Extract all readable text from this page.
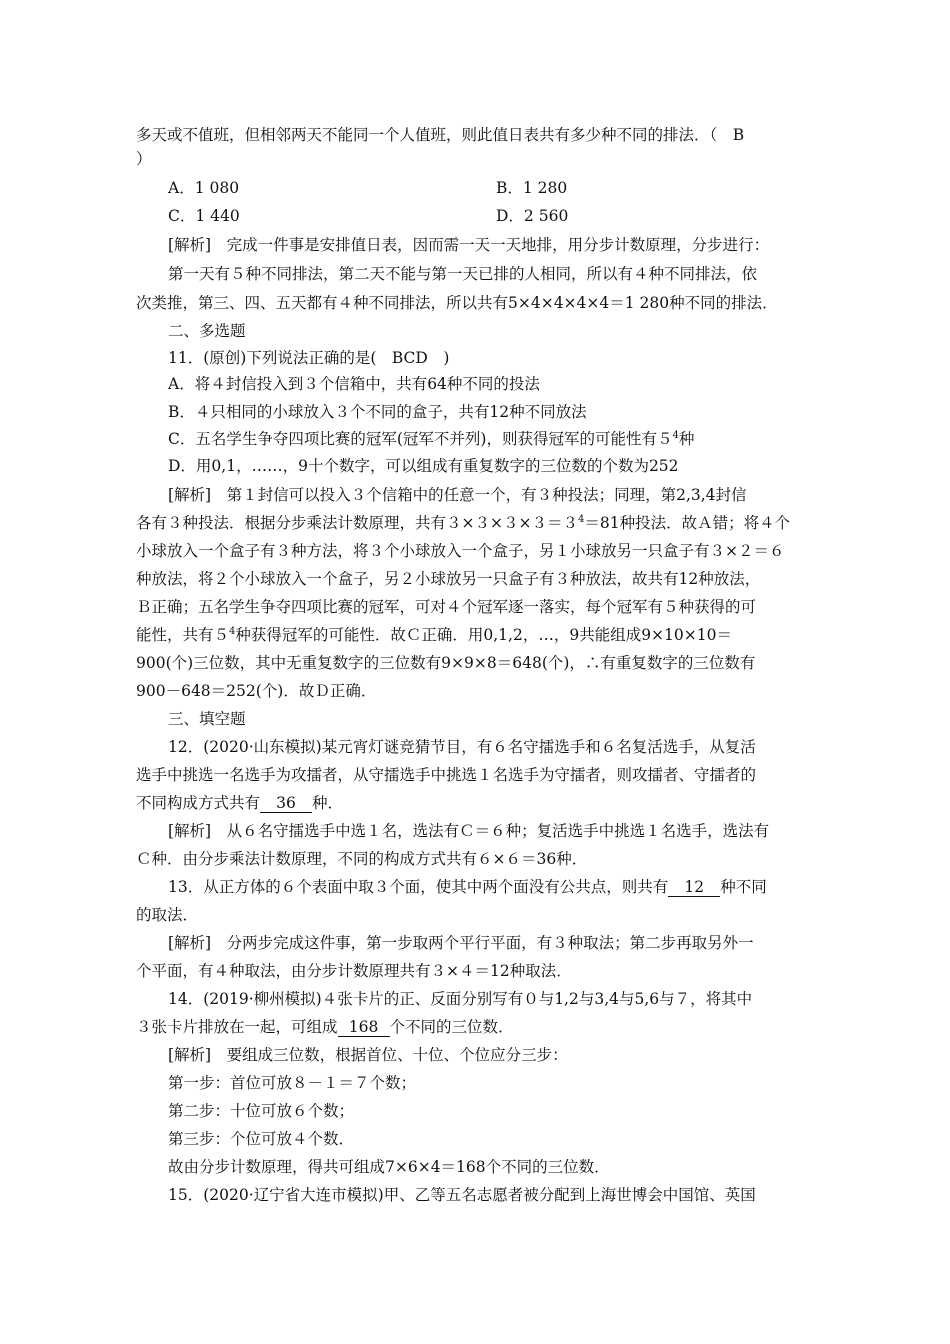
多天或不值班，但相邻两天不能同一个人值班，则此值日表共有多少种不同的排法．（　B
）
A．1 080	B．1 280
C．1 440	D．2 560
[解析]　完成一件事是安排值日表，因而需一天一天地排，用分步计数原理，分步进行：
第一天有５种不同排法，第二天不能与第一天已排的人相同，所以有４种不同排法，依
次类推，第三、四、五天都有４种不同排法，所以共有5×4×4×4×4＝1 280种不同的排法．
二、多选题
11．(原创)下列说法正确的是(　BCD　)
A．将４封信投入到３个信箱中，共有64种不同的投法
B．４只相同的小球放入３个不同的盒子，共有12种不同放法
C．五名学生争夺四项比赛的冠军(冠军不并列)，则获得冠军的可能性有$5^4$种
D．用0,1，……，9十个数字，可以组成有重复数字的三位数的个数为252
[解析]　第１封信可以投入３个信箱中的任意一个，有３种投法；同理，第2,3,4封信
各有３种投法．根据分步乘法计数原理，共有$3\times 3\times 3\times 3=3^4=81$种投法．故Ａ错；将４个
小球放入一个盒子有３种方法，将３个小球放入一个盒子，另１小球放另一只盒子有３×２＝６
种放法，将２个小球放入一个盒子，另２小球放另一只盒子有３种放法，故共有12种放法，
Ｂ正确；五名学生争夺四项比赛的冠军，可对４个冠军逐一落实，每个冠军有５种获得的可
能性，共有$5^4$种获得冠军的可能性．故Ｃ正确．用0,1,2，…，9共能组成9×10×10＝
900(个)三位数，其中无重复数字的三位数有9×9×8＝648(个)，∴有重复数字的三位数有
900－648＝252(个)．故Ｄ正确．
三、填空题
12．(2020·山东模拟)某元宵灯谜竞猜节目，有６名守擂选手和６名复活选手，从复活
选手中挑选一名选手为攻擂者，从守擂选手中挑选１名选手为守擂者，则攻擂者、守擂者的
不同构成方式共有 36 种．
[解析]　从６名守擂选手中选１名，选法有Ｃ＝６种；复活选手中挑选１名选手，选法有
Ｃ种．由分步乘法计数原理，不同的构成方式共有６×６＝36种．
13．从正方体的６个表面中取３个面，使其中两个面没有公共点，则共有 12 种不同
的取法．
[解析]　分两步完成这件事，第一步取两个平行平面，有３种取法；第二步再取另外一
个平面，有４种取法，由分步计数原理共有３×４＝12种取法．
14．(2019·柳州模拟)４张卡片的正、反面分别写有０与1,2与3,4与5,6与７，将其中
３张卡片排放在一起，可组成 168 个不同的三位数．
[解析]　要组成三位数，根据首位、十位、个位应分三步：
第一步：首位可放８－１＝７个数；
第二步：十位可放６个数；
第三步：个位可放４个数．
故由分步计数原理，得共可组成7×6×4＝168个不同的三位数．
15．(2020·辽宁省大连市模拟)甲、乙等五名志愿者被分配到上海世博会中国馆、英国
